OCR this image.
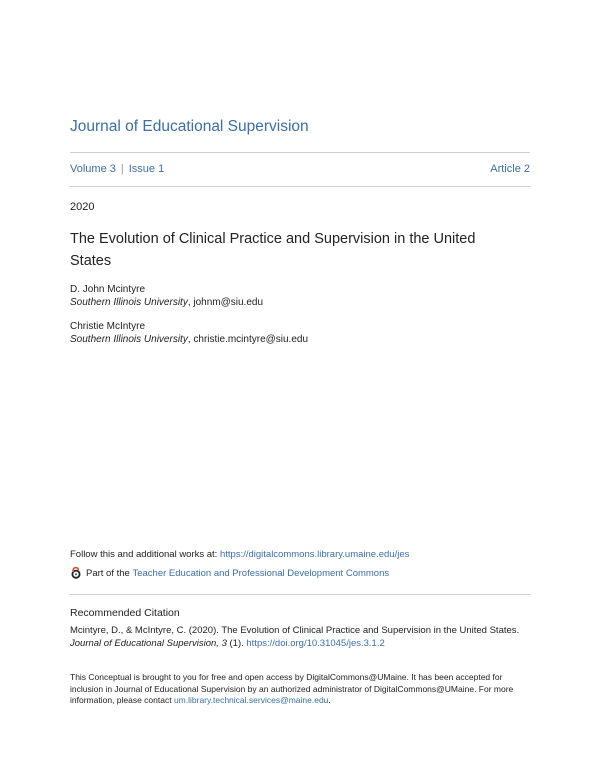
Journal of Educational Supervision
Volume 3 | Issue 1	Article 2
2020
The Evolution of Clinical Practice and Supervision in the United States
D. John Mcintyre
Southern Illinois University, johnm@siu.edu
Christie McIntyre
Southern Illinois University, christie.mcintyre@siu.edu
Follow this and additional works at: https://digitalcommons.library.umaine.edu/jes
Part of the
Teacher Education and Professional Development Commons
Recommended Citation
Mcintyre, D., & McIntyre, C. (2020). The Evolution of Clinical Practice and Supervision in the United States.
Journal of Educational Supervision, 3 (1). https://doi.org/10.31045/jes.3.1.2
This Conceptual is brought to you for free and open access by DigitalCommons@UMaine. It has been accepted for inclusion in Journal of Educational Supervision by an authorized administrator of DigitalCommons@UMaine. For more information, please contact um.library.technical.services@maine.edu.
